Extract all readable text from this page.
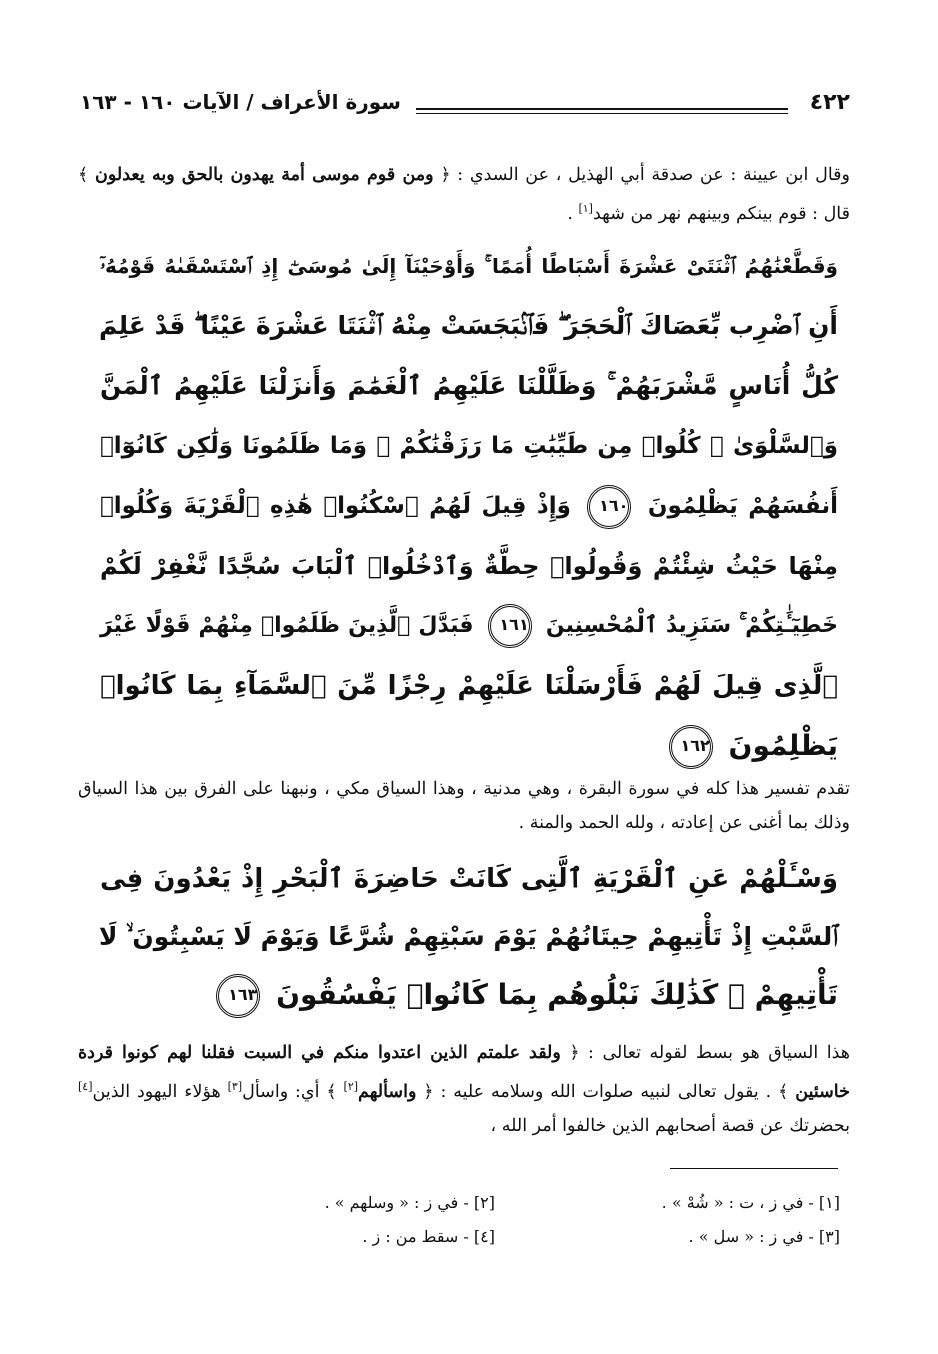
٤٢٢
سورة الأعراف / الآيات ١٦٠ - ١٦٣
وقال ابن عيينة : عن صدقة أبي الهذيل ، عن السدي : ﴿ ومن قوم موسى أمة يهدون بالحق وبه يعدلون ﴾ قال : قوم بينكم وبينهم نهر من شهد[١] .
وَقَطَّعْنَٰهُمُ ٱثْنَتَىْ عَشْرَةَ أَسْبَاطًا أُمَمًا ۚ وَأَوْحَيْنَآ إِلَىٰ مُوسَىٰٓ إِذِ ٱسْتَسْقَىٰهُ قَوْمُهُۥٓ
أَنِ ٱضْرِب بِّعَصَاكَ ٱلْحَجَرَ ۖ فَٱنۢبَجَسَتْ مِنْهُ ٱثْنَتَا عَشْرَةَ عَيْنًا ۖ قَدْ عَلِمَ
كُلُّ أُنَاسٍ مَّشْرَبَهُمْ ۚ وَظَلَّلْنَا عَلَيْهِمُ ٱلْغَمَٰمَ وَأَنزَلْنَا عَلَيْهِمُ ٱلْمَنَّ
وَٱلسَّلْوَىٰ ۖ كُلُوا۟ مِن طَيِّبَٰتِ مَا رَزَقْنَٰكُمْ ۚ وَمَا ظَلَمُونَا وَلَٰكِن كَانُوٓا۟
أَنفُسَهُمْ يَظْلِمُونَ ١٦٠ وَإِذْ قِيلَ لَهُمُ ٱسْكُنُوا۟ هَٰذِهِ ٱلْقَرْيَةَ وَكُلُوا۟
مِنْهَا حَيْثُ شِئْتُمْ وَقُولُوا۟ حِطَّةٌ وَٱدْخُلُوا۟ ٱلْبَابَ سُجَّدًا نَّغْفِرْ لَكُمْ
خَطِيٓـَٰٔتِكُمْ ۚ سَنَزِيدُ ٱلْمُحْسِنِينَ ١٦١ فَبَدَّلَ ٱلَّذِينَ ظَلَمُوا۟ مِنْهُمْ قَوْلًا غَيْرَ
ٱلَّذِى قِيلَ لَهُمْ فَأَرْسَلْنَا عَلَيْهِمْ رِجْزًا مِّنَ ٱلسَّمَآءِ بِمَا كَانُوا۟
يَظْلِمُونَ ١٦٢
تقدم تفسير هذا كله في سورة البقرة ، وهي مدنية ، وهذا السياق مكي ، ونبهنا على الفرق بين هذا السياق وذلك بما أغنى عن إعادته ، ولله الحمد والمنة .
وَسْـَٔلْهُمْ عَنِ ٱلْقَرْيَةِ ٱلَّتِى كَانَتْ حَاضِرَةَ ٱلْبَحْرِ إِذْ يَعْدُونَ فِى
ٱلسَّبْتِ إِذْ تَأْتِيهِمْ حِيتَانُهُمْ يَوْمَ سَبْتِهِمْ شُرَّعًا وَيَوْمَ لَا يَسْبِتُونَ ۙ لَا
تَأْتِيهِمْ ۚ كَذَٰلِكَ نَبْلُوهُم بِمَا كَانُوا۟ يَفْسُقُونَ ١٦٣
هذا السياق هو بسط لقوله تعالى : ﴿ ولقد علمتم الذين اعتدوا منكم في السبت فقلنا لهم كونوا قردة خاسئين ﴾ . يقول تعالى لنبيه صلوات الله وسلامه عليه : ﴿ واسألهم[٢] ﴾ أي: واسأل[٣] هؤلاء اليهود الذين[٤] بحضرتك عن قصة أصحابهم الذين خالفوا أمر الله ،
[١] - في ز ، ت : « شُهْ » .
[٢] - في ز : « وسلهم » .
[٣] - في ز : « سل » .
[٤] - سقط من : ز .
